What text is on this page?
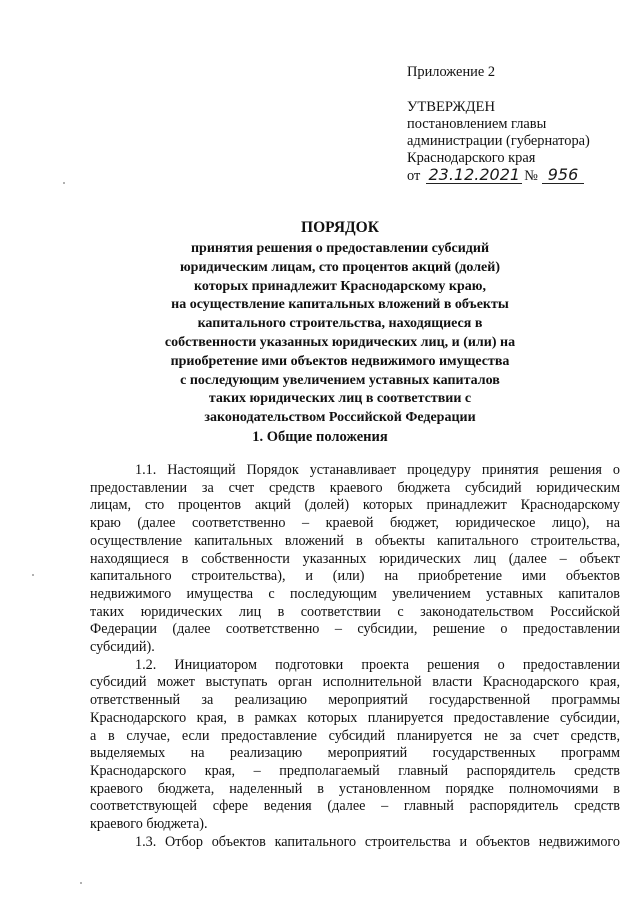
Приложение 2
УТВЕРЖДЕН
постановлением главы
администрации (губернатора)
Краснодарского края
от 23.12.2021 № 956
ПОРЯДОК
принятия решения о предоставлении субсидий
юридическим лицам, сто процентов акций (долей)
которых принадлежит Краснодарскому краю,
на осуществление капитальных вложений в объекты
капитального строительства, находящиеся в
собственности указанных юридических лиц, и (или) на
приобретение ими объектов недвижимого имущества
с последующим увеличением уставных капиталов
таких юридических лиц в соответствии с
законодательством Российской Федерации
1. Общие положения
1.1. Настоящий Порядок устанавливает процедуру принятия решения о
предоставлении за счет средств краевого бюджета субсидий юридическим
лицам, сто процентов акций (долей) которых принадлежит Краснодарскому
краю (далее соответственно – краевой бюджет, юридическое лицо), на
осуществление капитальных вложений в объекты капитального строительства,
находящиеся в собственности указанных юридических лиц (далее – объект
капитального строительства), и (или) на приобретение ими объектов
недвижимого имущества с последующим увеличением уставных капиталов
таких юридических лиц в соответствии с законодательством Российской
Федерации (далее соответственно – субсидии, решение о предоставлении
субсидий).
1.2. Инициатором подготовки проекта решения о предоставлении
субсидий может выступать орган исполнительной власти Краснодарского края,
ответственный за реализацию мероприятий государственной программы
Краснодарского края, в рамках которых планируется предоставление субсидии,
а в случае, если предоставление субсидий планируется не за счет средств,
выделяемых на реализацию мероприятий государственных программ
Краснодарского края, – предполагаемый главный распорядитель средств
краевого бюджета, наделенный в установленном порядке полномочиями в
соответствующей сфере ведения (далее – главный распорядитель средств
краевого бюджета).
1.3. Отбор объектов капитального строительства и объектов недвижимого
